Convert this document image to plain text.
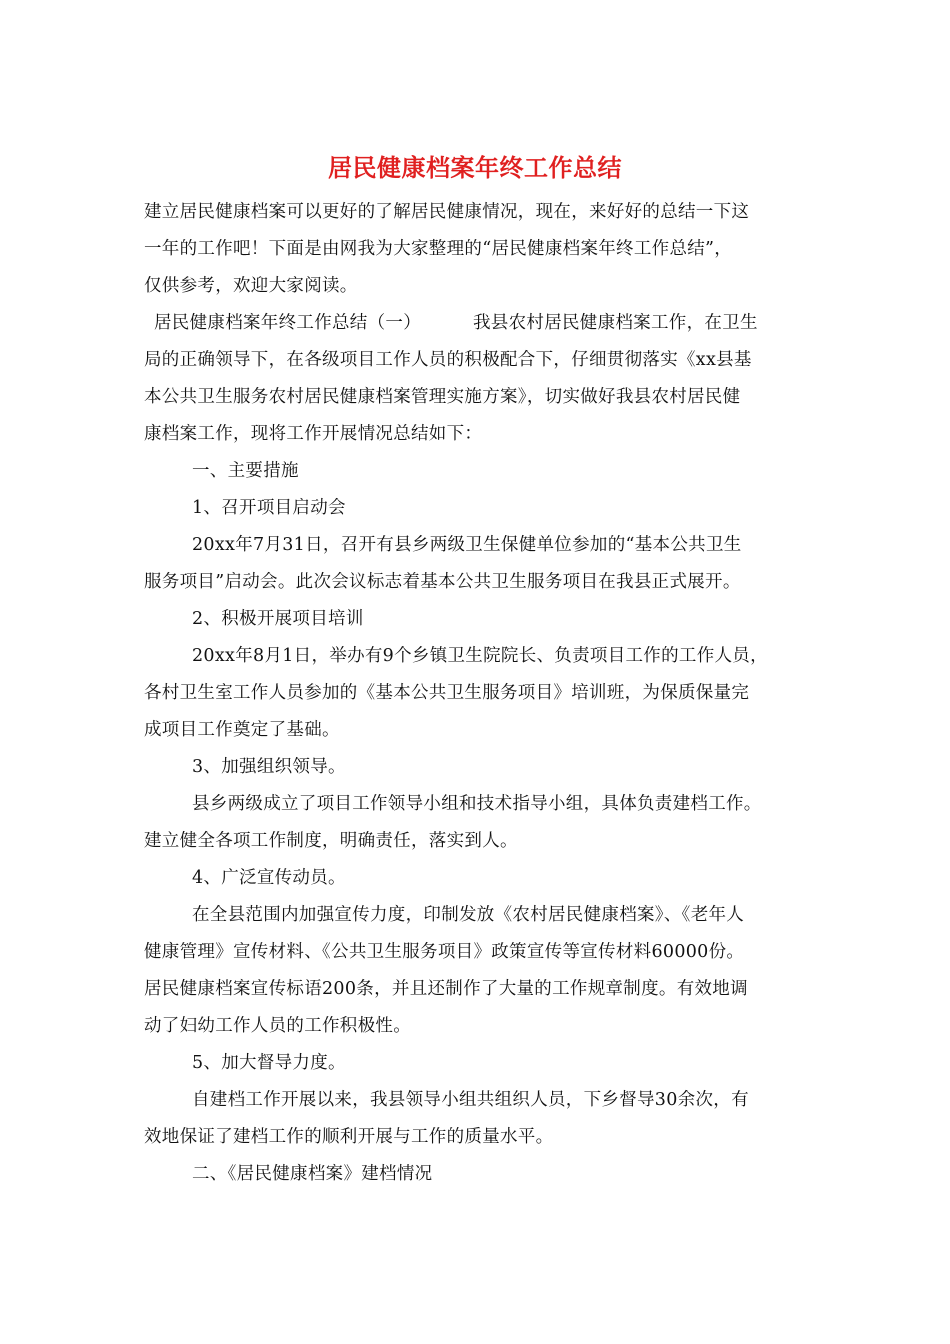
居民健康档案年终工作总结
建立居民健康档案可以更好的了解居民健康情况，现在，来好好的总结一下这
一年的工作吧！下面是由网我为大家整理的“居民健康档案年终工作总结”，
仅供参考，欢迎大家阅读。
居民健康档案年终工作总结（一）	我县农村居民健康档案工作，在卫生
局的正确领导下，在各级项目工作人员的积极配合下，仔细贯彻落实《xx县基
本公共卫生服务农村居民健康档案管理实施方案》，切实做好我县农村居民健
康档案工作，现将工作开展情况总结如下：
一、主要措施
1、召开项目启动会
20xx年7月31日，召开有县乡两级卫生保健单位参加的“基本公共卫生
服务项目”启动会。此次会议标志着基本公共卫生服务项目在我县正式展开。
2、积极开展项目培训
20xx年8月1日，举办有9个乡镇卫生院院长、负责项目工作的工作人员，
各村卫生室工作人员参加的《基本公共卫生服务项目》培训班，为保质保量完
成项目工作奠定了基础。
3、加强组织领导。
县乡两级成立了项目工作领导小组和技术指导小组，具体负责建档工作。
建立健全各项工作制度，明确责任，落实到人。
4、广泛宣传动员。
在全县范围内加强宣传力度，印制发放《农村居民健康档案》、《老年人
健康管理》宣传材料、《公共卫生服务项目》政策宣传等宣传材料60000份。
居民健康档案宣传标语200条，并且还制作了大量的工作规章制度。有效地调
动了妇幼工作人员的工作积极性。
5、加大督导力度。
自建档工作开展以来，我县领导小组共组织人员，下乡督导30余次，有
效地保证了建档工作的顺利开展与工作的质量水平。
二、《居民健康档案》建档情况
